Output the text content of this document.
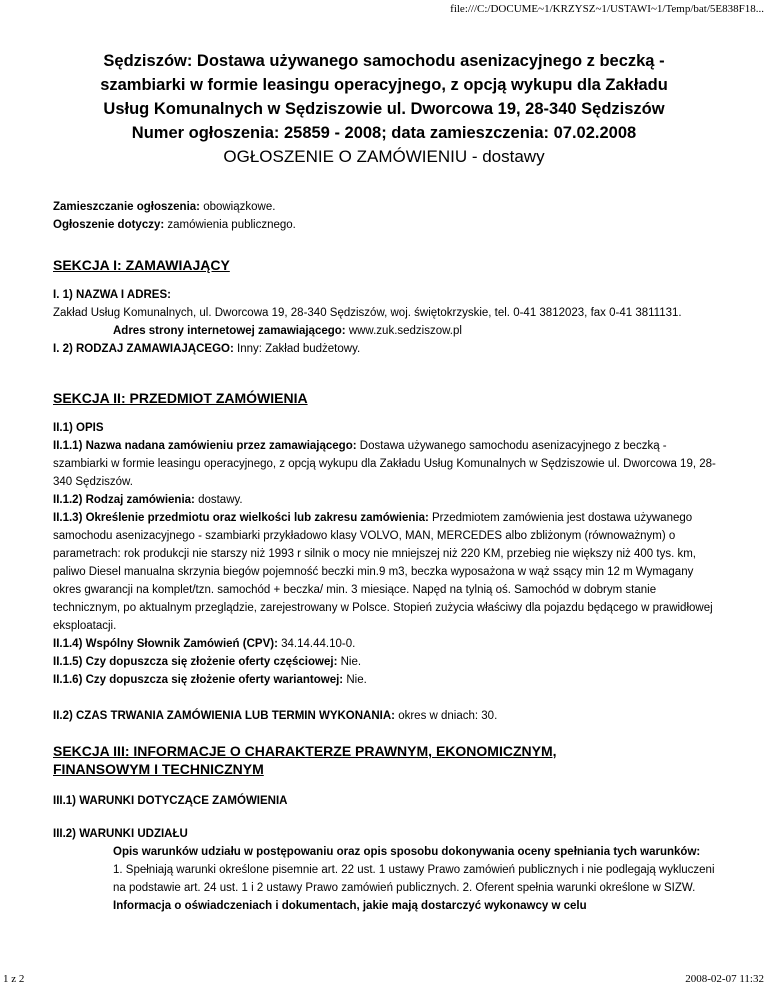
file:///C:/DOCUME~1/KRZYSZ~1/USTAWI~1/Temp/bat/5E838F18...
Sędziszów: Dostawa używanego samochodu asenizacyjnego z beczką -
szambiarki w formie leasingu operacyjnego, z opcją wykupu dla Zakładu
Usług Komunalnych w Sędziszowie ul. Dworcowa 19, 28-340 Sędziszów
Numer ogłoszenia: 25859 - 2008; data zamieszczenia: 07.02.2008
OGŁOSZENIE O ZAMÓWIENIU - dostawy
Zamieszczanie ogłoszenia: obowiązkowe.
Ogłoszenie dotyczy: zamówienia publicznego.
SEKCJA I: ZAMAWIAJĄCY
I. 1) NAZWA I ADRES:
Zakład Usług Komunalnych, ul. Dworcowa 19, 28-340 Sędziszów, woj. świętokrzyskie, tel. 0-41 3812023, fax 0-41 3811131.
Adres strony internetowej zamawiającego: www.zuk.sedziszow.pl
I. 2) RODZAJ ZAMAWIAJĄCEGO: Inny: Zakład budżetowy.
SEKCJA II: PRZEDMIOT ZAMÓWIENIA
II.1) OPIS
II.1.1) Nazwa nadana zamówieniu przez zamawiającego: Dostawa używanego samochodu asenizacyjnego z beczką - szambiarki w formie leasingu operacyjnego, z opcją wykupu dla Zakładu Usług Komunalnych w Sędziszowie ul. Dworcowa 19, 28-340 Sędziszów.
II.1.2) Rodzaj zamówienia: dostawy.
II.1.3) Określenie przedmiotu oraz wielkości lub zakresu zamówienia: Przedmiotem zamówienia jest dostawa używanego samochodu asenizacyjnego - szambiarki przykładowo klasy VOLVO, MAN, MERCEDES albo zbliżonym (równoważnym) o parametrach: rok produkcji nie starszy niż 1993 r silnik o mocy nie mniejszej niż 220 KM, przebieg nie większy niż 400 tys. km, paliwo Diesel manualna skrzynia biegów pojemność beczki min.9 m3, beczka wyposażona w wąż ssący min 12 m Wymagany okres gwarancji na komplet/tzn. samochód + beczka/ min. 3 miesiące. Napęd na tylnią oś. Samochód w dobrym stanie technicznym, po aktualnym przeglądzie, zarejestrowany w Polsce. Stopień zużycia właściwy dla pojazdu będącego w prawidłowej eksploatacji.
II.1.4) Wspólny Słownik Zamówień (CPV): 34.14.44.10-0.
II.1.5) Czy dopuszcza się złożenie oferty częściowej: Nie.
II.1.6) Czy dopuszcza się złożenie oferty wariantowej: Nie.
II.2) CZAS TRWANIA ZAMÓWIENIA LUB TERMIN WYKONANIA: okres w dniach: 30.
SEKCJA III: INFORMACJE O CHARAKTERZE PRAWNYM, EKONOMICZNYM,
FINANSOWYM I TECHNICZNYM
III.1) WARUNKI DOTYCZĄCE ZAMÓWIENIA
III.2) WARUNKI UDZIAŁU
Opis warunków udziału w postępowaniu oraz opis sposobu dokonywania oceny spełniania tych warunków:
1. Spełniają warunki określone pisemnie art. 22 ust. 1 ustawy Prawo zamówień publicznych i nie podlegają wykluczeni na podstawie art. 24 ust. 1 i 2 ustawy Prawo zamówień publicznych. 2. Oferent spełnia warunki określone w SIZW.
Informacja o oświadczeniach i dokumentach, jakie mają dostarczyć wykonawcy w celu
1 z 2	2008-02-07 11:32
